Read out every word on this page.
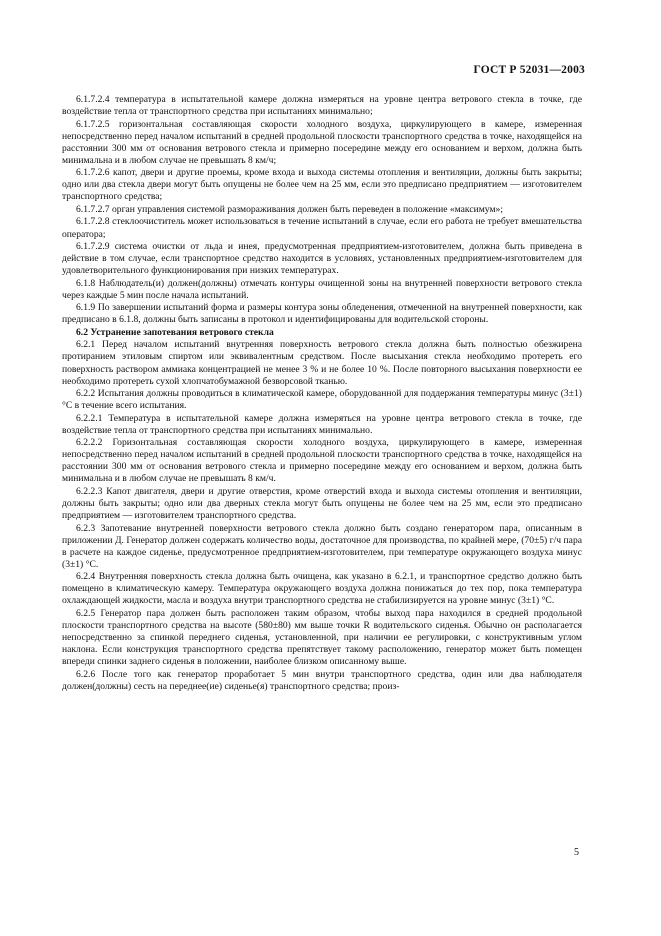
ГОСТ Р 52031—2003

6.1.7.2.4 температура в испытательной камере должна измеряться на уровне центра ветрового стекла в точке, где воздействие тепла от транспортного средства при испытаниях минимально;

6.1.7.2.5 горизонтальная составляющая скорости холодного воздуха, циркулирующего в камере, измеренная непосредственно перед началом испытаний в средней продольной плоскости транспортного средства в точке, находящейся на расстоянии 300 мм от основания ветрового стекла и примерно посередине между его основанием и верхом, должна быть минимальна и в любом случае не превышать 8 км/ч;

6.1.7.2.6 капот, двери и другие проемы, кроме входа и выхода системы отопления и вентиляции, должны быть закрыты; одно или два стекла двери могут быть опущены не более чем на 25 мм, если это предписано предприятием — изготовителем транспортного средства;

6.1.7.2.7 орган управления системой размораживания должен быть переведен в положение «максимум»;

6.1.7.2.8 стеклоочиститель может использоваться в течение испытаний в случае, если его работа не требует вмешательства оператора;

6.1.7.2.9 система очистки от льда и инея, предусмотренная предприятием-изготовителем, должна быть приведена в действие в том случае, если транспортное средство находится в условиях, установленных предприятием-изготовителем для удовлетворительного функционирования при низких температурах.

6.1.8 Наблюдатель(и) должен(должны) отмечать контуры очищенной зоны на внутренней поверхности ветрового стекла через каждые 5 мин после начала испытаний.

6.1.9 По завершении испытаний форма и размеры контура зоны обледенения, отмеченной на внутренней поверхности, как предписано в 6.1.8, должны быть записаны в протокол и идентифицированы для водительской стороны.

6.2 Устранение запотевания ветрового стекла

6.2.1 Перед началом испытаний внутренняя поверхность ветрового стекла должна быть полностью обезжирена протиранием этиловым спиртом или эквивалентным средством. После высыхания стекла необходимо протереть его поверхность раствором аммиака концентрацией не менее 3 % и не более 10 %. После повторного высыхания поверхности ее необходимо протереть сухой хлопчатобумажной безворсовой тканью.

6.2.2 Испытания должны проводиться в климатической камере, оборудованной для поддержания температуры минус (3±1) °С в течение всего испытания.

6.2.2.1 Температура в испытательной камере должна измеряться на уровне центра ветрового стекла в точке, где воздействие тепла от транспортного средства при испытаниях минимально.

6.2.2.2 Горизонтальная составляющая скорости холодного воздуха, циркулирующего в камере, измеренная непосредственно перед началом испытаний в средней продольной плоскости транспортного средства в точке, находящейся на расстоянии 300 мм от основания ветрового стекла и примерно посередине между его основанием и верхом, должна быть минимальна и в любом случае не превышать 8 км/ч.

6.2.2.3 Капот двигателя, двери и другие отверстия, кроме отверстий входа и выхода системы отопления и вентиляции, должны быть закрыты; одно или два дверных стекла могут быть опущены не более чем на 25 мм, если это предписано предприятием — изготовителем транспортного средства.

6.2.3 Запотевание внутренней поверхности ветрового стекла должно быть создано генератором пара, описанным в приложении Д. Генератор должен содержать количество воды, достаточное для производства, по крайней мере, (70±5) г/ч пара в расчете на каждое сиденье, предусмотренное предприятием-изготовителем, при температуре окружающего воздуха минус (3±1) °С.

6.2.4 Внутренняя поверхность стекла должна быть очищена, как указано в 6.2.1, и транспортное средство должно быть помещено в климатическую камеру. Температура окружающего воздуха должна понижаться до тех пор, пока температура охлаждающей жидкости, масла и воздуха внутри транспортного средства не стабилизируется на уровне минус (3±1) °С.

6.2.5 Генератор пара должен быть расположен таким образом, чтобы выход пара находился в средней продольной плоскости транспортного средства на высоте (580±80) мм выше точки R водительского сиденья. Обычно он располагается непосредственно за спинкой переднего сиденья, установленной, при наличии ее регулировки, с конструктивным углом наклона. Если конструкция транспортного средства препятствует такому расположению, генератор может быть помещен впереди спинки заднего сиденья в положении, наиболее близком описанному выше.

6.2.6 После того как генератор проработает 5 мин внутри транспортного средства, один или два наблюдателя должен(должны) сесть на переднее(ие) сиденье(я) транспортного средства; произ-

5
